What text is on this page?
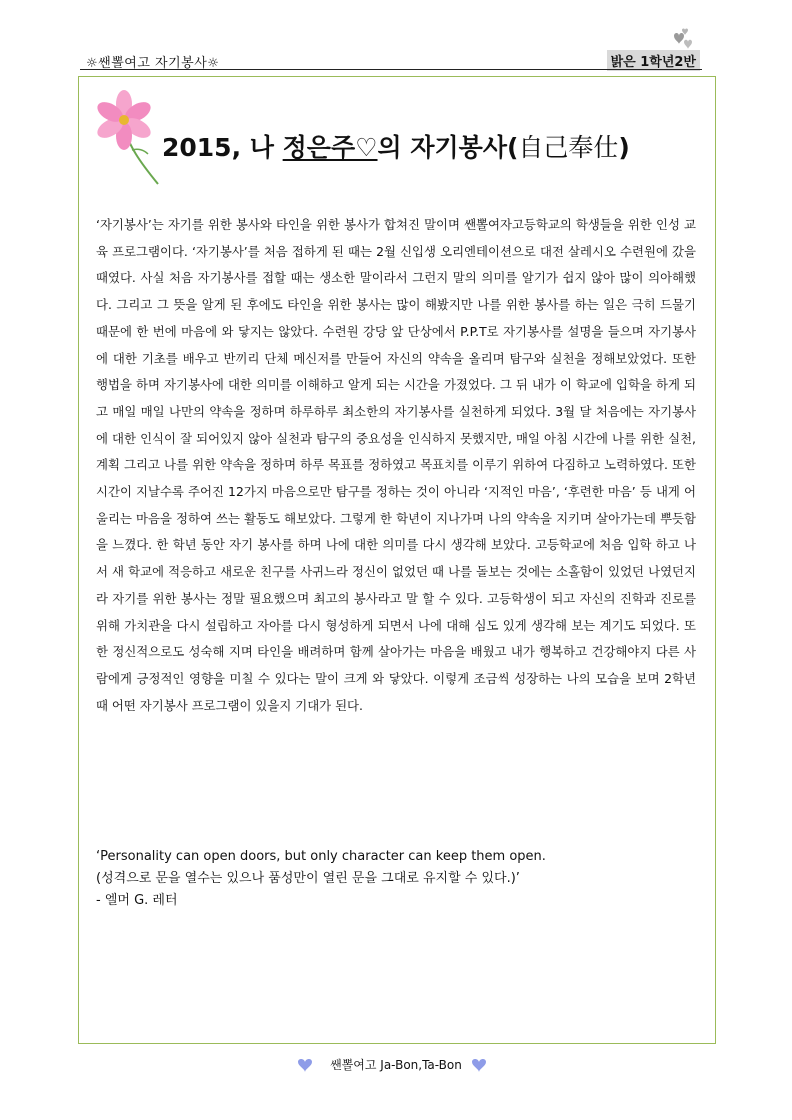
☼쌘뽈여고 자기봉사☼	밝은 1학년2반
2015, 나 정은주♡의 자기봉사(自己奉仕)
‘자기봉사’는 자기를 위한 봉사와 타인을 위한 봉사가 합쳐진 말이며 쌘뽈여자고등학교의 학생들을 위한 인성 교육 프로그램이다. ‘자기봉사’를 처음 접하게 된 때는 2월 신입생 오리엔테이션으로 대전 살레시오 수련원에 갔을 때였다. 사실 처음 자기봉사를 접할 때는 생소한 말이라서 그런지 말의 의미를 알기가 쉽지 않아 많이 의아해했다. 그리고 그 뜻을 알게 된 후에도 타인을 위한 봉사는 많이 해봤지만 나를 위한 봉사를 하는 일은 극히 드물기 때문에 한 번에 마음에 와 닿지는 않았다. 수련원 강당 앞 단상에서 P.P.T로 자기봉사를 설명을 들으며 자기봉사에 대한 기초를 배우고 반끼리 단체 메신저를 만들어 자신의 약속을 올리며 탐구와 실천을 정해보았었다. 또한 행법을 하며 자기봉사에 대한 의미를 이해하고 알게 되는 시간을 가졌었다. 그 뒤 내가 이 학교에 입학을 하게 되고 매일 매일 나만의 약속을 정하며 하루하루 최소한의 자기봉사를 실천하게 되었다. 3월 달 처음에는 자기봉사에 대한 인식이 잘 되어있지 않아 실천과 탐구의 중요성을 인식하지 못했지만, 매일 아침 시간에 나를 위한 실천, 계획 그리고 나를 위한 약속을 정하며 하루 목표를 정하였고 목표치를 이루기 위하여 다짐하고 노력하였다. 또한 시간이 지날수록 주어진 12가지 마음으로만 탐구를 정하는 것이 아니라 ‘지적인 마음’, ‘후련한 마음’ 등 내게 어울리는 마음을 정하여 쓰는 활동도 해보았다. 그렇게 한 학년이 지나가며 나의 약속을 지키며 살아가는데 뿌듯함을 느꼈다. 한 학년 동안 자기 봉사를 하며 나에 대한 의미를 다시 생각해 보았다. 고등학교에 처음 입학 하고 나서 새 학교에 적응하고 새로운 친구를 사귀느라 정신이 없었던 때 나를 돌보는 것에는 소홀함이 있었던 나였던지라 자기를 위한 봉사는 정말 필요했으며 최고의 봉사라고 말 할 수 있다. 고등학생이 되고 자신의 진학과 진로를 위해 가치관을 다시 설립하고 자아를 다시 형성하게 되면서 나에 대해 심도 있게 생각해 보는 계기도 되었다. 또한 정신적으로도 성숙해 지며 타인을 배려하며 함께 살아가는 마음을 배웠고 내가 행복하고 건강해야지 다른 사람에게 긍정적인 영향을 미칠 수 있다는 말이 크게 와 닿았다. 이렇게 조금씩 성장하는 나의 모습을 보며 2학년 때 어떤 자기봉사 프로그램이 있을지 기대가 된다.
‘Personality can open doors, but only character can keep them open.
(성격으로 문을 열수는 있으나 품성만이 열린 문을 그대로 유지할 수 있다.)’
- 엘머 G. 레터
쌘뽈여고 Ja-Bon,Ta-Bon
